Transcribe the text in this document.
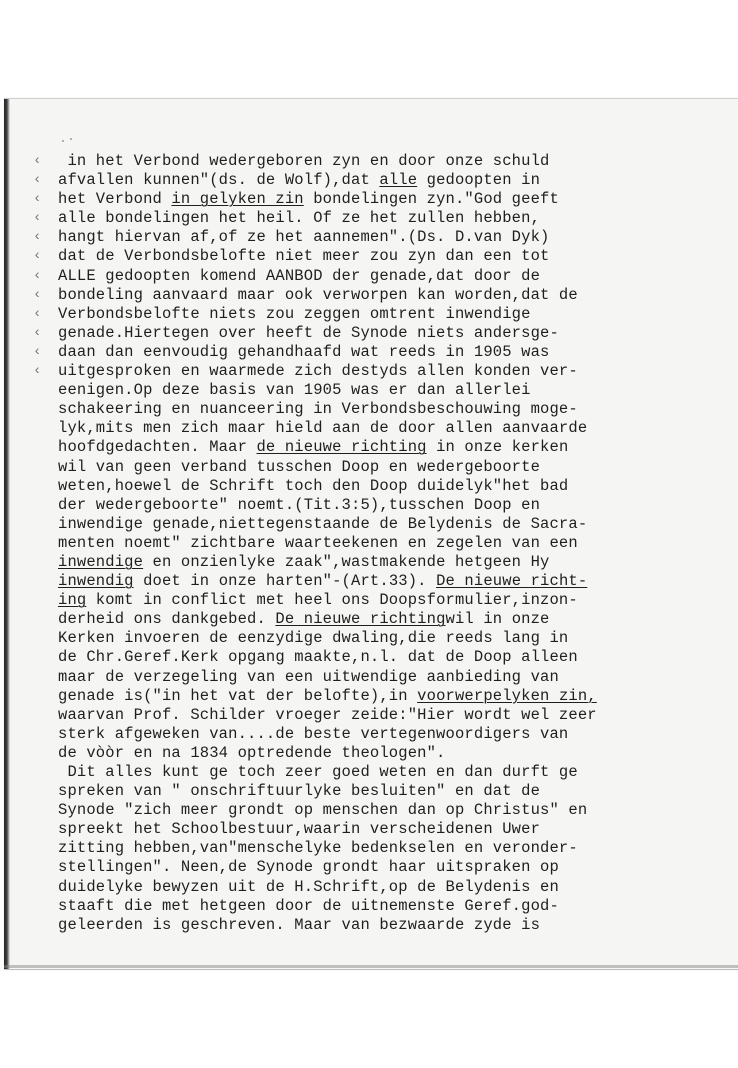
‹
‹
‹
‹
‹
‹
‹
‹
‹
‹
‹
‹
in het Verbond wedergeboren zyn en door onze schuld
afvallen kunnen"(ds. de Wolf),dat alle gedoopten in
het Verbond in gelyken zin bondelingen zyn."God geeft
alle bondelingen het heil. Of ze het zullen hebben,
hangt hiervan af,of ze het aannemen".(Ds. D.van Dyk)
dat de Verbondsbelofte niet meer zou zyn dan een tot
ALLE gedoopten komend AANBOD der genade,dat door de
bondeling aanvaard maar ook verworpen kan worden,dat de
Verbondsbelofte niets zou zeggen omtrent inwendige
genade.Hiertegen over heeft de Synode niets andersge-
daan dan eenvoudig gehandhaafd wat reeds in 1905 was
uitgesproken en waarmede zich destyds allen konden ver-
eenigen.Op deze basis van 1905 was er dan allerlei
schakeering en nuanceering in Verbondsbeschouwing moge-
lyk,mits men zich maar hield aan de door allen aanvaarde
hoofdgedachten. Maar de nieuwe richting in onze kerken
wil van geen verband tusschen Doop en wedergeboorte
weten,hoewel de Schrift toch den Doop duidelyk"het bad
der wedergeboorte" noemt.(Tit.3:5),tusschen Doop en
inwendige genade,niettegenstaande de Belydenis de Sacra-
menten noemt" zichtbare waarteekenen en zegelen van een
inwendige en onzienlyke zaak",wastmakende hetgeen Hy
inwendig doet in onze harten"-(Art.33). De nieuwe richt-
ing komt in conflict met heel ons Doopsformulier,inzon-
derheid ons dankgebed. De nieuwe richtingwil in onze
Kerken invoeren de eenzydige dwaling,die reeds lang in
de Chr.Geref.Kerk opgang maakte,n.l. dat de Doop alleen
maar de verzegeling van een uitwendige aanbieding van
genade is("in het vat der belofte),in voorwerpelyken zin,
waarvan Prof. Schilder vroeger zeide:"Hier wordt wel zeer
sterk afgeweken van....de beste vertegenwoordigers van
de vòòr en na 1834 optredende theologen".
Dit alles kunt ge toch zeer goed weten en dan durft ge
spreken van " onschriftuurlyke besluiten" en dat de
Synode "zich meer grondt op menschen dan op Christus" en
spreekt het Schoolbestuur,waarin verscheidenen Uwer
zitting hebben,van"menschelyke bedenkselen en veronder-
stellingen". Neen,de Synode grondt haar uitspraken op
duidelyke bewyzen uit de H.Schrift,op de Belydenis en
staaft die met hetgeen door de uitnemenste Geref.god-
geleerden is geschreven. Maar van bezwaarde zyde is
